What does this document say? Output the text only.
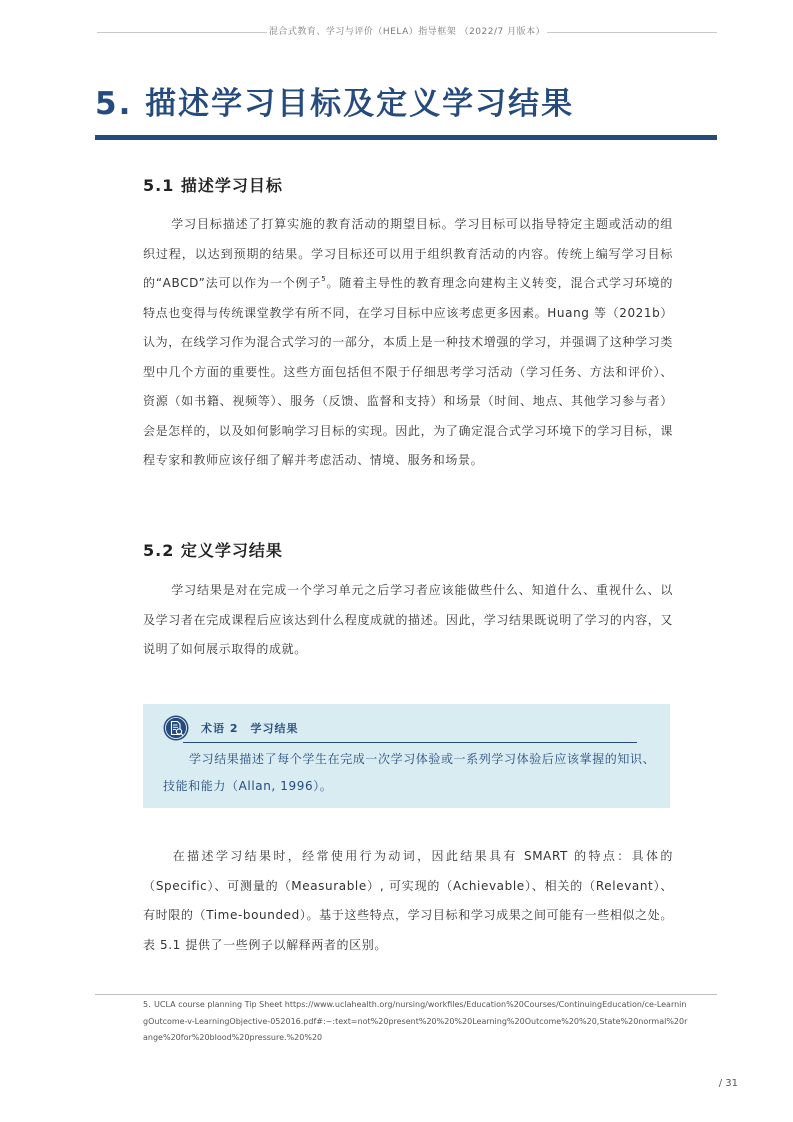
混合式教育、学习与评价（HELA）指导框架 （2022/7 月版本）
5. 描述学习目标及定义学习结果
5.1 描述学习目标

学习目标描述了打算实施的教育活动的期望目标。学习目标可以指导特定主题或活动的组织过程，以达到预期的结果。学习目标还可以用于组织教育活动的内容。传统上编写学习目标的“ABCD”法可以作为一个例子$^5$。随着主导性的教育理念向建构主义转变，混合式学习环境的特点也变得与传统课堂教学有所不同，在学习目标中应该考虑更多因素。Huang 等（2021b）认为，在线学习作为混合式学习的一部分，本质上是一种技术增强的学习，并强调了这种学习类型中几个方面的重要性。这些方面包括但不限于仔细思考学习活动（学习任务、方法和评价）、资源（如书籍、视频等）、服务（反馈、监督和支持）和场景（时间、地点、其他学习参与者）会是怎样的，以及如何影响学习目标的实现。因此，为了确定混合式学习环境下的学习目标，课程专家和教师应该仔细了解并考虑活动、情境、服务和场景。

5.2 定义学习结果

学习结果是对在完成一个学习单元之后学习者应该能做些什么、知道什么、重视什么、以及学习者在完成课程后应该达到什么程度成就的描述。因此，学习结果既说明了学习的内容，又说明了如何展示取得的成就。

术语 2　学习结果

学习结果描述了每个学生在完成一次学习体验或一系列学习体验后应该掌握的知识、技能和能力（Allan, 1996）。

在描述学习结果时，经常使用行为动词，因此结果具有 SMART 的特点：具体的（Specific）、可测量的（Measurable）, 可实现的（Achievable）、相关的（Relevant）、有时限的（Time-bounded）。基于这些特点，学习目标和学习成果之间可能有一些相似之处。表 5.1 提供了一些例子以解释两者的区别。

5. UCLA course planning Tip Sheet https://www.uclahealth.org/nursing/workfiles/Education%20Courses/ContinuingEducation/ce-LearningOutcome-v-LearningObjective-052016.pdf#:~:text=not%20present%20%20%20Learning%20Outcome%20%20,State%20normal%20range%20for%20blood%20pressure.%20%20
/ 31
